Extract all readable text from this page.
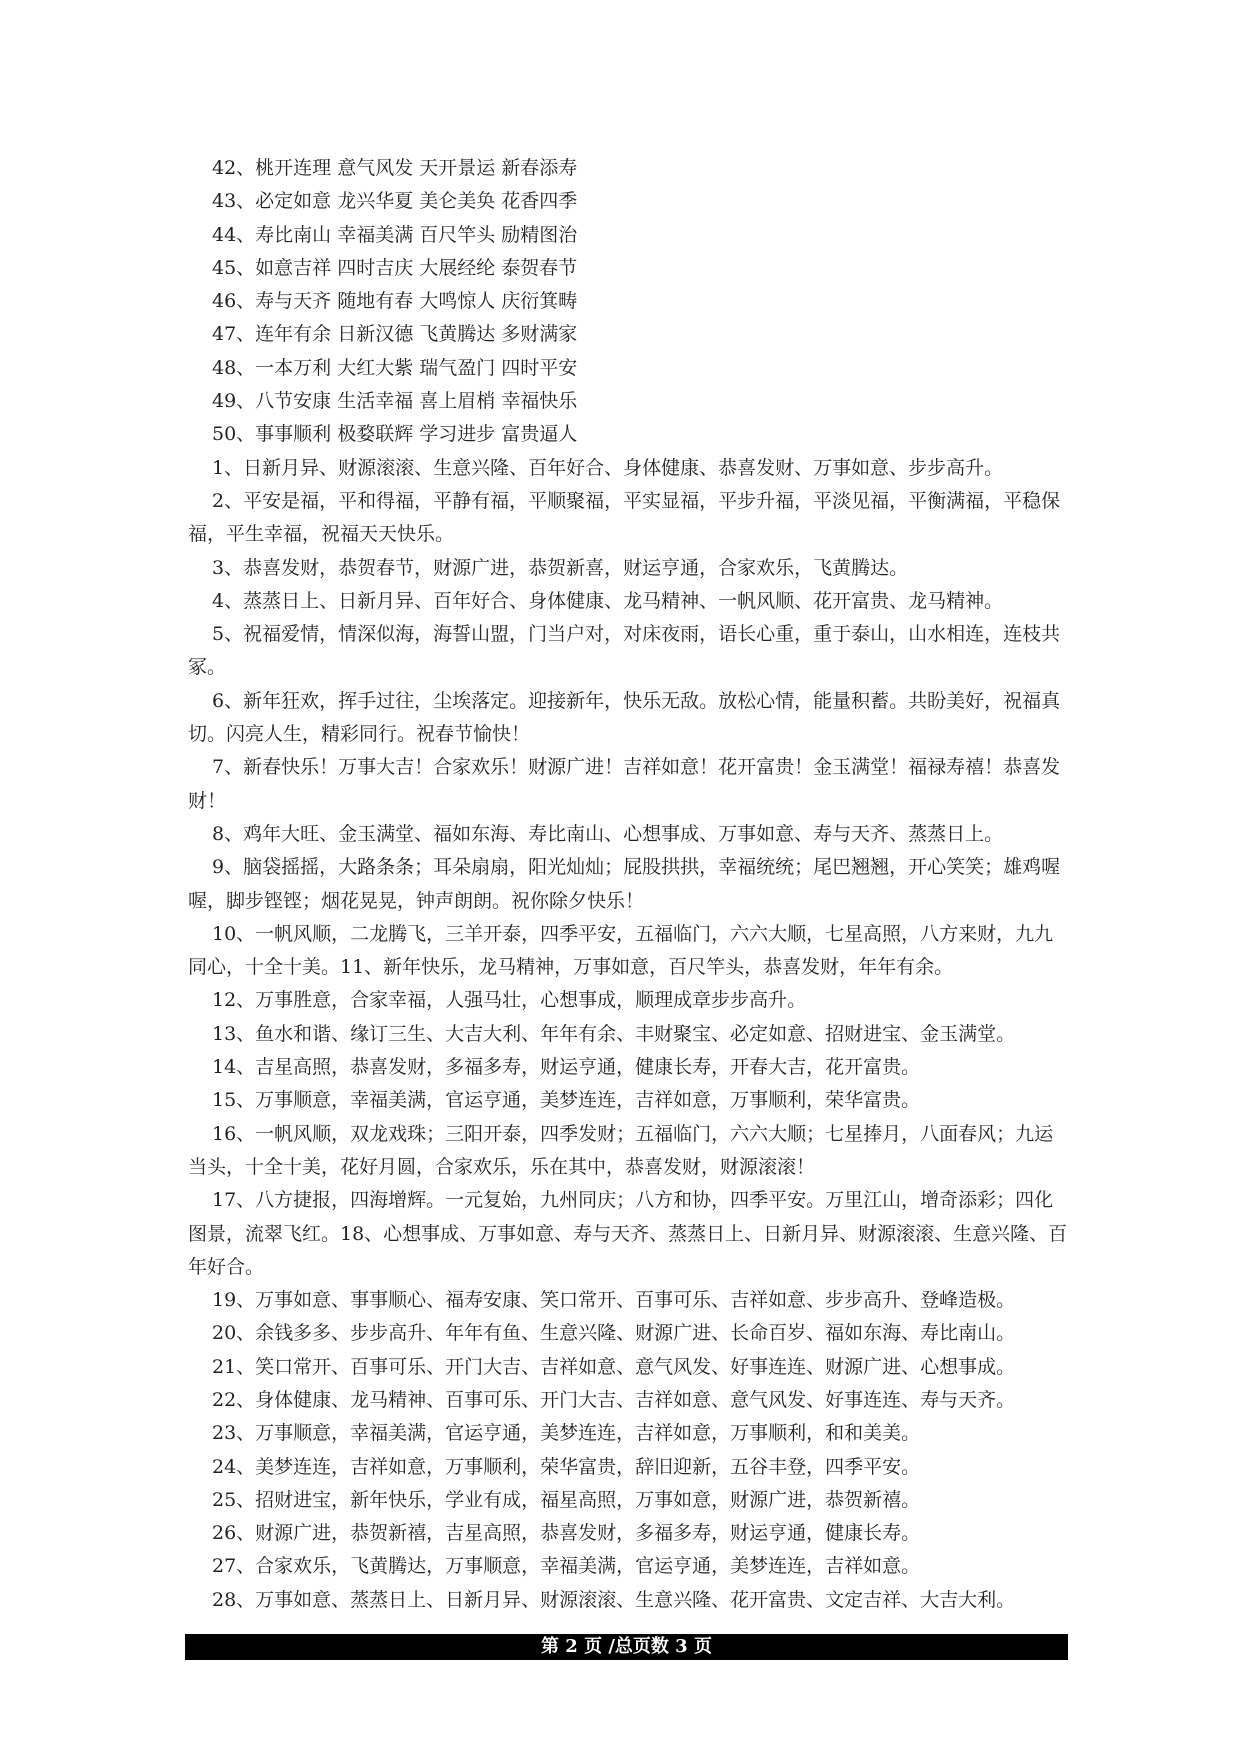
42、桃开连理 意气风发 天开景运 新春添寿
43、必定如意 龙兴华夏 美仑美奂 花香四季
44、寿比南山 幸福美满 百尺竿头 励精图治
45、如意吉祥 四时吉庆 大展经纶 泰贺春节
46、寿与天齐 随地有春 大鸣惊人 庆衍箕畴
47、连年有余 日新汉德 飞黄腾达 多财满家
48、一本万利 大红大紫 瑞气盈门 四时平安
49、八节安康 生活幸福 喜上眉梢 幸福快乐
50、事事顺利 极婺联辉 学习进步 富贵逼人

1、日新月异、财源滚滚、生意兴隆、百年好合、身体健康、恭喜发财、万事如意、步步高升。

2、平安是福，平和得福，平静有福，平顺聚福，平实显福，平步升福，平淡见福，平衡满福，平稳保福，平生幸福，祝福天天快乐。

3、恭喜发财，恭贺春节，财源广进，恭贺新喜，财运亨通，合家欢乐，飞黄腾达。

4、蒸蒸日上、日新月异、百年好合、身体健康、龙马精神、一帆风顺、花开富贵、龙马精神。

5、祝福爱情，情深似海，海誓山盟，门当户对，对床夜雨，语长心重，重于泰山，山水相连，连枝共冢。

6、新年狂欢，挥手过往，尘埃落定。迎接新年，快乐无敌。放松心情，能量积蓄。共盼美好，祝福真切。闪亮人生，精彩同行。祝春节愉快！

7、新春快乐！万事大吉！合家欢乐！财源广进！吉祥如意！花开富贵！金玉满堂！福禄寿禧！恭喜发财！

8、鸡年大旺、金玉满堂、福如东海、寿比南山、心想事成、万事如意、寿与天齐、蒸蒸日上。

9、脑袋摇摇，大路条条；耳朵扇扇，阳光灿灿；屁股拱拱，幸福统统；尾巴翘翘，开心笑笑；雄鸡喔喔，脚步铿铿；烟花晃晃，钟声朗朗。祝你除夕快乐！

10、一帆风顺，二龙腾飞，三羊开泰，四季平安，五福临门，六六大顺，七星高照，八方来财，九九同心，十全十美。11、新年快乐，龙马精神，万事如意，百尺竿头，恭喜发财，年年有余。

12、万事胜意，合家幸福，人强马壮，心想事成，顺理成章步步高升。

13、鱼水和谐、缘订三生、大吉大利、年年有余、丰财聚宝、必定如意、招财进宝、金玉满堂。

14、吉星高照，恭喜发财，多福多寿，财运亨通，健康长寿，开春大吉，花开富贵。

15、万事顺意，幸福美满，官运亨通，美梦连连，吉祥如意，万事顺利，荣华富贵。

16、一帆风顺，双龙戏珠；三阳开泰，四季发财；五福临门，六六大顺；七星捧月，八面春风；九运当头，十全十美，花好月圆，合家欢乐，乐在其中，恭喜发财，财源滚滚！

17、八方捷报，四海增辉。一元复始，九州同庆；八方和协，四季平安。万里江山，增奇添彩；四化图景，流翠飞红。18、心想事成、万事如意、寿与天齐、蒸蒸日上、日新月异、财源滚滚、生意兴隆、百年好合。

19、万事如意、事事顺心、福寿安康、笑口常开、百事可乐、吉祥如意、步步高升、登峰造极。

20、余钱多多、步步高升、年年有鱼、生意兴隆、财源广进、长命百岁、福如东海、寿比南山。

21、笑口常开、百事可乐、开门大吉、吉祥如意、意气风发、好事连连、财源广进、心想事成。

22、身体健康、龙马精神、百事可乐、开门大吉、吉祥如意、意气风发、好事连连、寿与天齐。

23、万事顺意，幸福美满，官运亨通，美梦连连，吉祥如意，万事顺利，和和美美。

24、美梦连连，吉祥如意，万事顺利，荣华富贵，辞旧迎新，五谷丰登，四季平安。

25、招财进宝，新年快乐，学业有成，福星高照，万事如意，财源广进，恭贺新禧。

26、财源广进，恭贺新禧，吉星高照，恭喜发财，多福多寿，财运亨通，健康长寿。

27、合家欢乐，飞黄腾达，万事顺意，幸福美满，官运亨通，美梦连连，吉祥如意。

28、万事如意、蒸蒸日上、日新月异、财源滚滚、生意兴隆、花开富贵、文定吉祥、大吉大利。

第 2 页 /总页数 3 页
